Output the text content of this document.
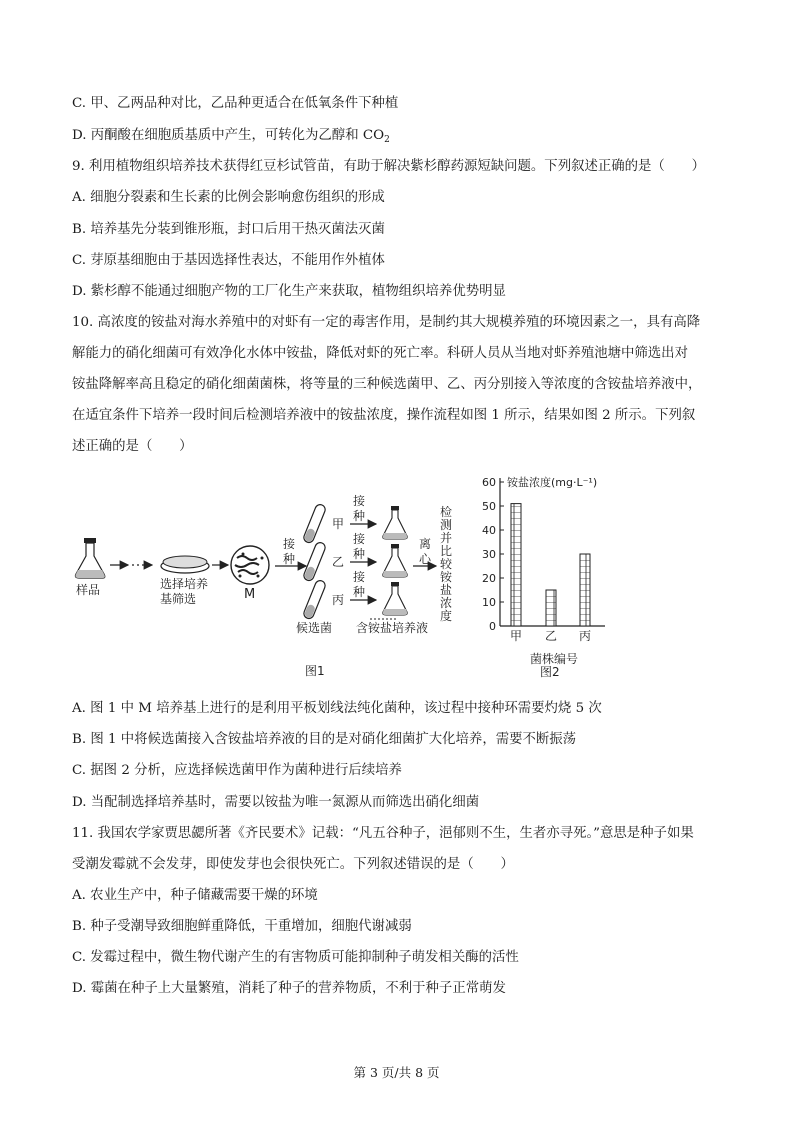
C. 甲、乙两品种对比，乙品种更适合在低氧条件下种植
D. 丙酮酸在细胞质基质中产生，可转化为乙醇和 $CO_2$
9. 利用植物组织培养技术获得红豆杉试管苗，有助于解决紫杉醇药源短缺问题。下列叙述正确的是（　　）
A. 细胞分裂素和生长素的比例会影响愈伤组织的形成
B. 培养基先分装到锥形瓶，封口后用干热灭菌法灭菌
C. 芽原基细胞由于基因选择性表达，不能用作外植体
D. 紫杉醇不能通过细胞产物的工厂化生产来获取，植物组织培养优势明显
10. 高浓度的铵盐对海水养殖中的对虾有一定的毒害作用，是制约其大规模养殖的环境因素之一，具有高降
解能力的硝化细菌可有效净化水体中铵盐，降低对虾的死亡率。科研人员从当地对虾养殖池塘中筛选出对
铵盐降解率高且稳定的硝化细菌菌株，将等量的三种候选菌甲、乙、丙分别接入等浓度的含铵盐培养液中，
在适宜条件下培养一段时间后检测培养液中的铵盐浓度，操作流程如图 1 所示，结果如图 2 所示。下列叙
述正确的是（　　）
A. 图 1 中 M 培养基上进行的是利用平板划线法纯化菌种，该过程中接种环需要灼烧 5 次
B. 图 1 中将候选菌接入含铵盐培养液的目的是对硝化细菌扩大化培养，需要不断振荡
C. 据图 2 分析，应选择候选菌甲作为菌种进行后续培养
D. 当配制选择培养基时，需要以铵盐为唯一氮源从而筛选出硝化细菌
11. 我国农学家贾思勰所著《齐民要术》记载：“凡五谷种子，浥郁则不生，生者亦寻死。”意思是种子如果
受潮发霉就不会发芽，即使发芽也会很快死亡。下列叙述错误的是（　　）
A. 农业生产中，种子储藏需要干燥的环境
B. 种子受潮导致细胞鲜重降低，干重增加，细胞代谢减弱
C. 发霉过程中，微生物代谢产生的有害物质可能抑制种子萌发相关酶的活性
D. 霉菌在种子上大量繁殖，消耗了种子的营养物质，不利于种子正常萌发
样品	选择培养
基筛选	M
接
种
甲
乙
丙
候选菌
接
种
接
种
接
种
含铵盐培养液
离
心
检
测
并
比
较
铵
盐
浓
度
图1
铵盐浓度(mg·L⁻¹)
0
10
20
30
40
50
60
甲 乙 丙
菌株编号
图2
第 3 页/共 8 页
